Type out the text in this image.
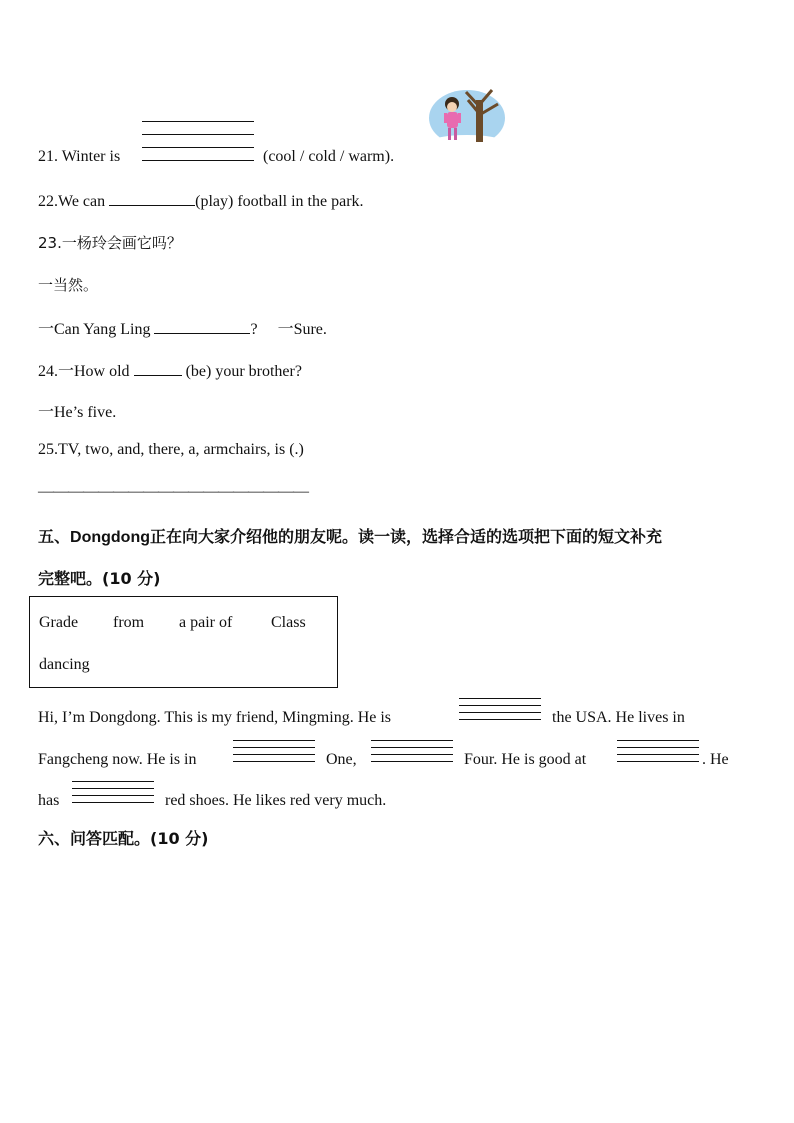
21. Winter is	(cool / cold / warm).
22.We can	(play) football in the park.
23.一杨玲会画它吗？
一当然。
一Can Yang Ling	? 一Sure.
24.一How old	(be) your brother?
一He’s five.
25.TV, two, and, there, a, armchairs, is (.)
——————————————————
五、Dongdong正在向大家介绍他的朋友呢。读一读，选择合适的选项把下面的短文补充
完整吧。(10 分)
Grade from a pair of Class
dancing
Hi, I’m Dongdong. This is my friend, Mingming. He is	the USA. He lives in
Fangcheng now. He is in	One,	Four. He is good at	. He
has	red shoes. He likes red very much.
六、问答匹配。(10 分)
